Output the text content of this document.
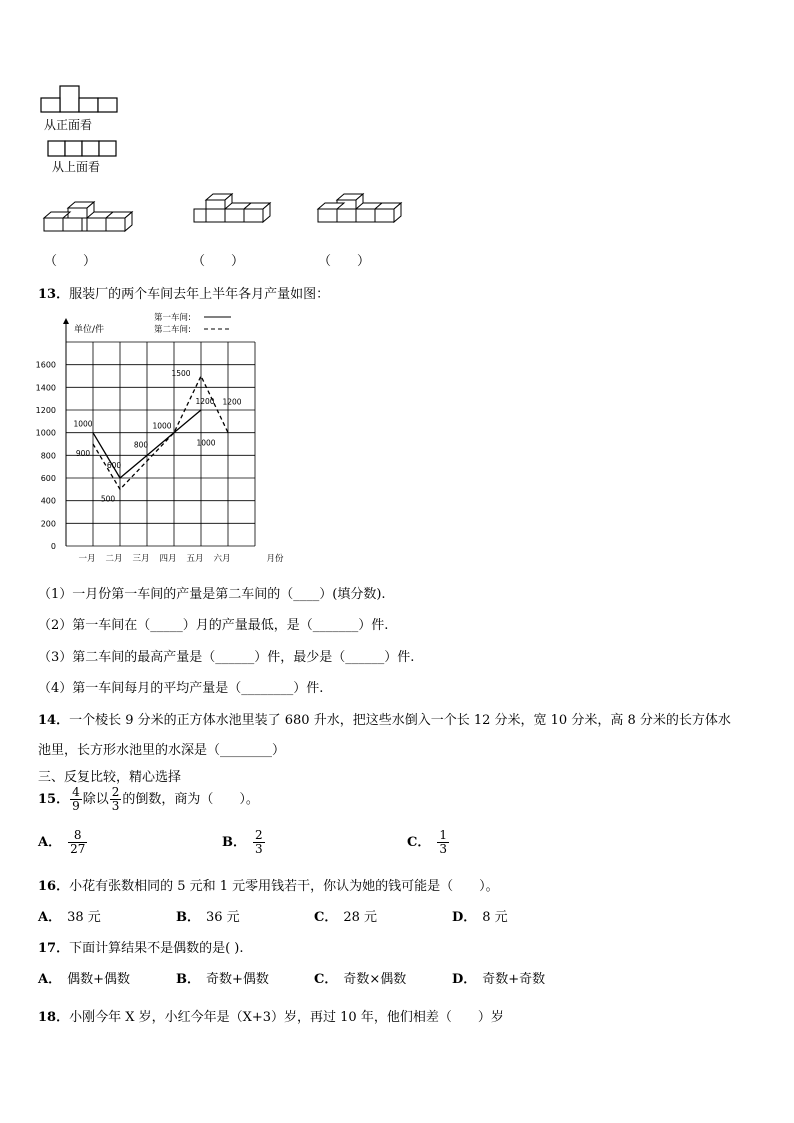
从正面看
从上面看
（　　）	（　　）	（　　）
13．服装厂的两个车间去年上半年各月产量如图：
单位/件
0
200
400
600
800
1000
1200
1400
1600
一月 二月 三月 四月 五月 六月	月份
第一车间:
第二车间:
1000
600
800
1000
1200
900
500
1500
1000
1200
（1）一月份第一车间的产量是第二车间的（____）(填分数).
（2）第一车间在（_____）月的产量最低，是（_______）件.
（3）第二车间的最高产量是（______）件，最少是（______）件.
（4）第一车间每月的平均产量是（________）件.
14．一个棱长 9 分米的正方体水池里装了 680 升水，把这些水倒入一个长 12 分米，宽 10 分米，高 8 分米的长方体水
池里，长方形水池里的水深是（________）
三、反复比较，精心选择
15． $\frac{4}{9}$ 除以 $\frac{2}{3}$ 的倒数，商为（　　）。
A． $\frac{8}{27}$	B． $\frac{2}{3}$	C． $\frac{1}{3}$
16．小花有张数相同的 5 元和 1 元零用钱若干，你认为她的钱可能是（　　）。
A． 38 元	B． 36 元	C． 28 元	D． 8 元
17．下面计算结果不是偶数的是( ).
A． 偶数+偶数	B． 奇数+偶数	C． 奇数×偶数	D． 奇数+奇数
18．小刚今年 X 岁，小红今年是（X+3）岁，再过 10 年，他们相差（　　）岁
